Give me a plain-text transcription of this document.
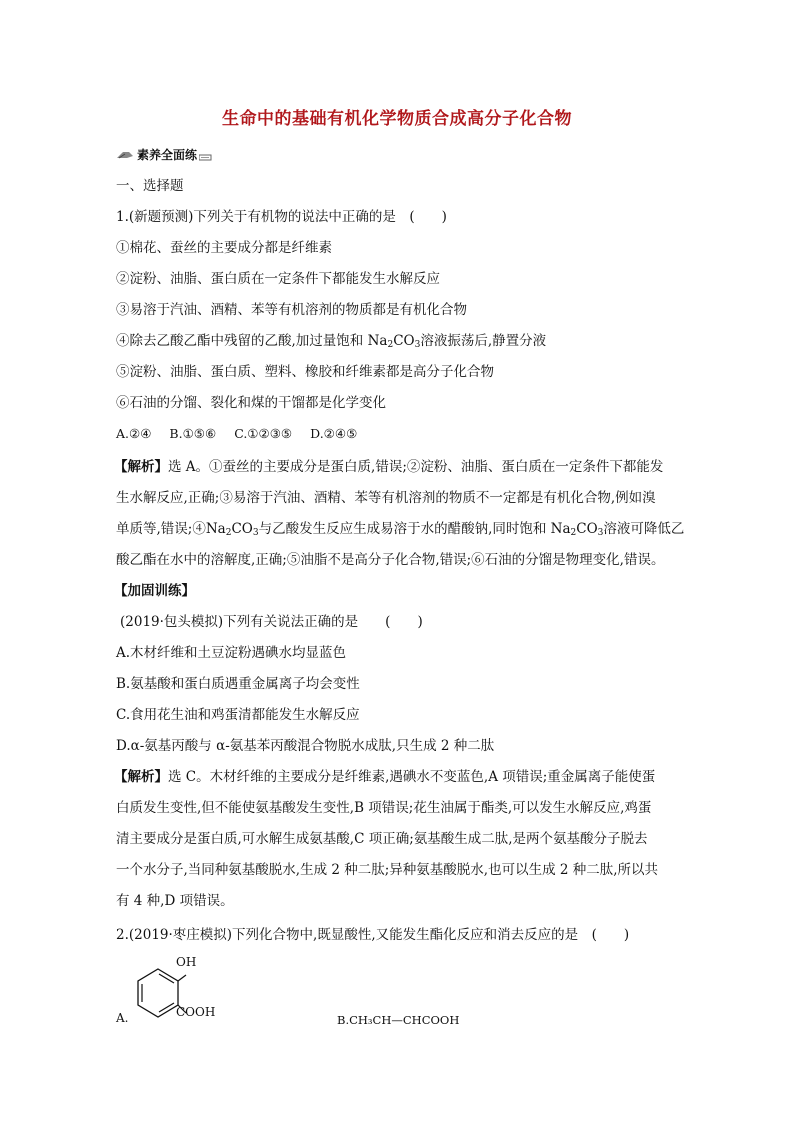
生命中的基础有机化学物质合成高分子化合物
素养全面练
一、选择题
1.(新题预测)下列关于有机物的说法中正确的是　(　　)
①棉花、蚕丝的主要成分都是纤维素
②淀粉、油脂、蛋白质在一定条件下都能发生水解反应
③易溶于汽油、酒精、苯等有机溶剂的物质都是有机化合物
④除去乙酸乙酯中残留的乙酸,加过量饱和 $Na_2CO_3$溶液振荡后,静置分液
⑤淀粉、油脂、蛋白质、塑料、橡胶和纤维素都是高分子化合物
⑥石油的分馏、裂化和煤的干馏都是化学变化
A.②④ B.①⑤⑥ C.①②③⑤ D.②④⑤
【解析】选 A。①蚕丝的主要成分是蛋白质,错误;②淀粉、油脂、蛋白质在一定条件下都能发
生水解反应,正确;③易溶于汽油、酒精、苯等有机溶剂的物质不一定都是有机化合物,例如溴
单质等,错误$;④Na_2CO_3$与乙酸发生反应生成易溶于水的醋酸钠,同时饱和 $Na_2CO_3$溶液可降低乙
酸乙酯在水中的溶解度,正确;⑤油脂不是高分子化合物,错误;⑥石油的分馏是物理变化,错误。
【加固训练】
(2019·包头模拟)下列有关说法正确的是　　(　　)
A.木材纤维和土豆淀粉遇碘水均显蓝色
B.氨基酸和蛋白质遇重金属离子均会变性
C.食用花生油和鸡蛋清都能发生水解反应
D.α-氨基丙酸与 α-氨基苯丙酸混合物脱水成肽,只生成 2 种二肽
【解析】选 C。木材纤维的主要成分是纤维素,遇碘水不变蓝色,A 项错误;重金属离子能使蛋
白质发生变性,但不能使氨基酸发生变性,B 项错误;花生油属于酯类,可以发生水解反应,鸡蛋
清主要成分是蛋白质,可水解生成氨基酸,C 项正确;氨基酸生成二肽,是两个氨基酸分子脱去
一个水分子,当同种氨基酸脱水,生成 2 种二肽;异种氨基酸脱水,也可以生成 2 种二肽,所以共
有 4 种,D 项错误。
2.(2019·枣庄模拟)下列化合物中,既显酸性,又能发生酯化反应和消去反应的是　(　　)
A.
OH
COOH
B.CH₃CH—CHCOOH
